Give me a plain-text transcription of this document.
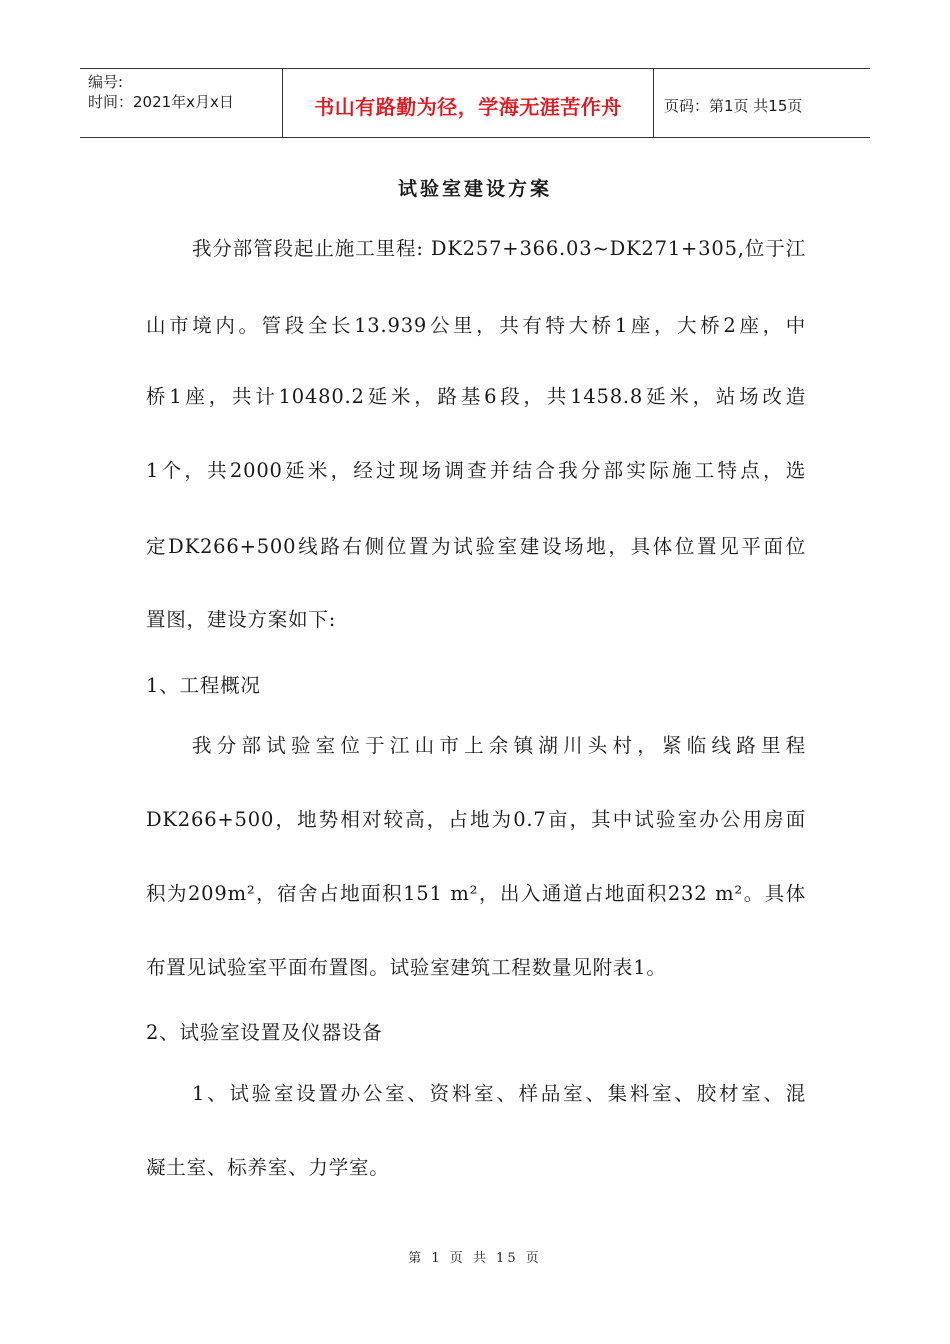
编号:
时间：2021年x月x日	书山有路勤为径，学海无涯苦作舟	页码：第1页 共15页
试验室建设方案
我分部管段起止施工里程: DK257+366.03~DK271+305,位于江
山市境内。管段全长13.939公里，共有特大桥1座，大桥2座，中
桥1座，共计10480.2延米，路基6段，共1458.8延米，站场改造
1个，共2000延米，经过现场调查并结合我分部实际施工特点，选
定DK266+500线路右侧位置为试验室建设场地，具体位置见平面位
置图，建设方案如下:
1、工程概况
我分部试验室位于江山市上余镇湖川头村，紧临线路里程
DK266+500，地势相对较高，占地为0.7亩，其中试验室办公用房面
积为209m²，宿舍占地面积151 m²，出入通道占地面积232 m²。具体
布置见试验室平面布置图。试验室建筑工程数量见附表1。
2、试验室设置及仪器设备
1、试验室设置办公室、资料室、样品室、集料室、胶材室、混
凝土室、标养室、力学室。
第 1 页 共 15 页
